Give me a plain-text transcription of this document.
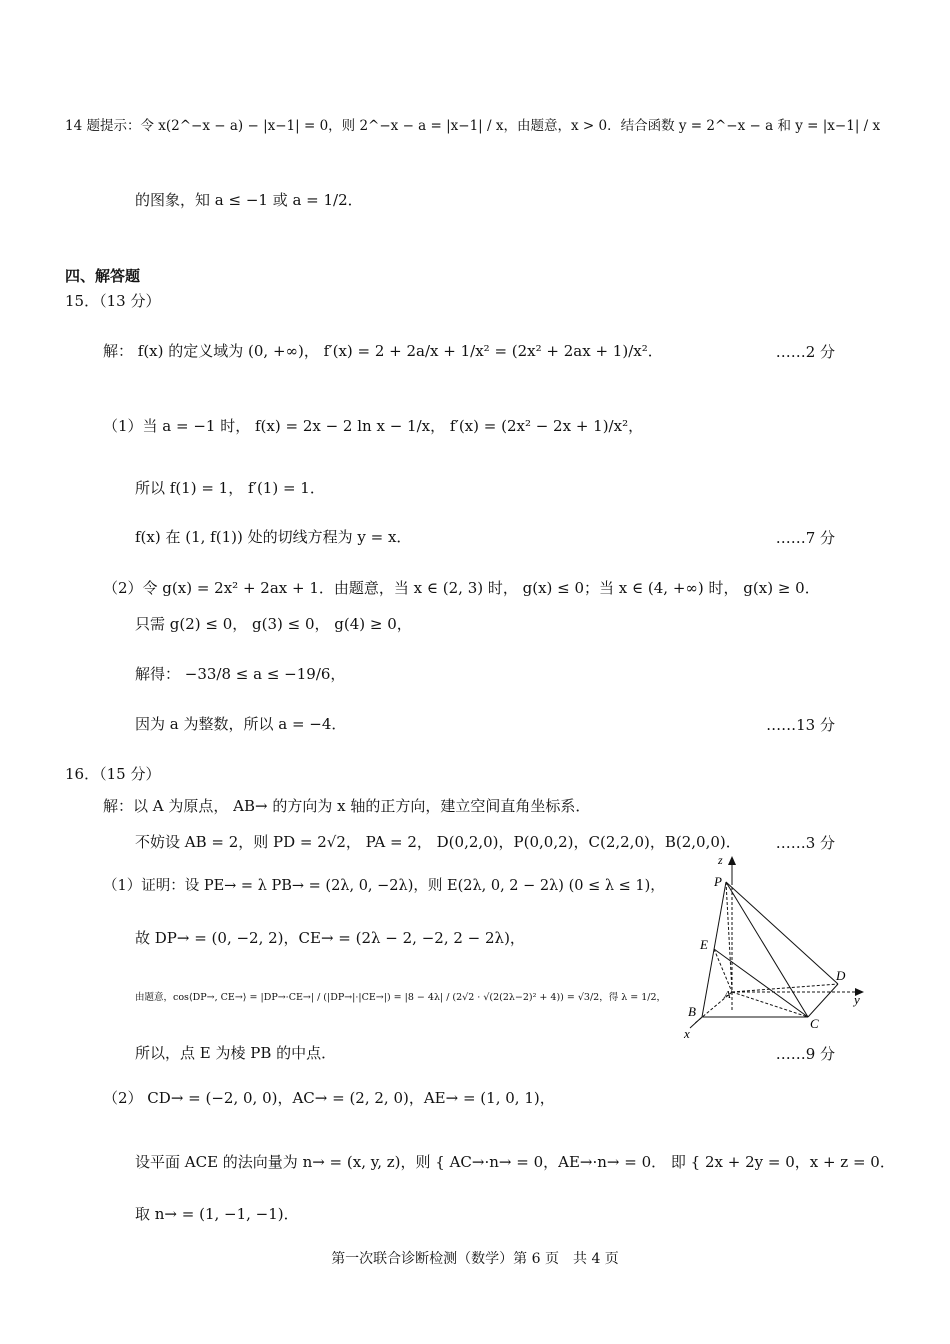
14 题提示：令 x(2^−x − a) − |x−1| = 0，则 2^−x − a = |x−1| / x，由题意，x > 0．结合函数 y = 2^−x − a 和 y = |x−1| / x
的图象，知 a ≤ −1 或 a = 1/2．
四、解答题
15．（13 分）
解： f(x) 的定义域为 (0, +∞)， f′(x) = 2 + 2a/x + 1/x² = (2x² + 2ax + 1)/x²．
（1）当 a = −1 时， f(x) = 2x − 2 ln x − 1/x， f′(x) = (2x² − 2x + 1)/x²，
所以 f(1) = 1， f′(1) = 1．
f(x) 在 (1, f(1)) 处的切线方程为 y = x．
（2）令 g(x) = 2x² + 2ax + 1．由题意，当 x ∈ (2, 3) 时， g(x) ≤ 0；当 x ∈ (4, +∞) 时， g(x) ≥ 0．
只需 g(2) ≤ 0， g(3) ≤ 0， g(4) ≥ 0，
解得： −33/8 ≤ a ≤ −19/6，
因为 a 为整数，所以 a = −4．
16．（15 分）
解：以 A 为原点， AB→ 的方向为 x 轴的正方向，建立空间直角坐标系．
不妨设 AB = 2，则 PD = 2√2， PA = 2， D(0,2,0)，P(0,0,2)，C(2,2,0)，B(2,0,0)．
（1）证明：设 PE→ = λ PB→ = (2λ, 0, −2λ)，则 E(2λ, 0, 2 − 2λ) (0 ≤ λ ≤ 1)，
故 DP→ = (0, −2, 2)，CE→ = (2λ − 2, −2, 2 − 2λ)，
由题意，cos⟨DP→, CE→⟩ = |DP→·CE→| / (|DP→|·|CE→|) = |8 − 4λ| / (2√2 · √(2(2λ−2)² + 4)) = √3/2，得 λ = 1/2，
所以，点 E 为棱 PB 的中点．
（2） CD→ = (−2, 0, 0)，AC→ = (2, 2, 0)，AE→ = (1, 0, 1)，
设平面 ACE 的法向量为 n→ = (x, y, z)，则 { AC→·n→ = 0，AE→·n→ = 0． 即 { 2x + 2y = 0，x + z = 0．
取 n→ = (1, −1, −1)．
……2 分
……7 分
……13 分
……3 分
……9 分
z
P
E
D
y
A
B
C
x
第一次联合诊断检测（数学）第 6 页　共 4 页
